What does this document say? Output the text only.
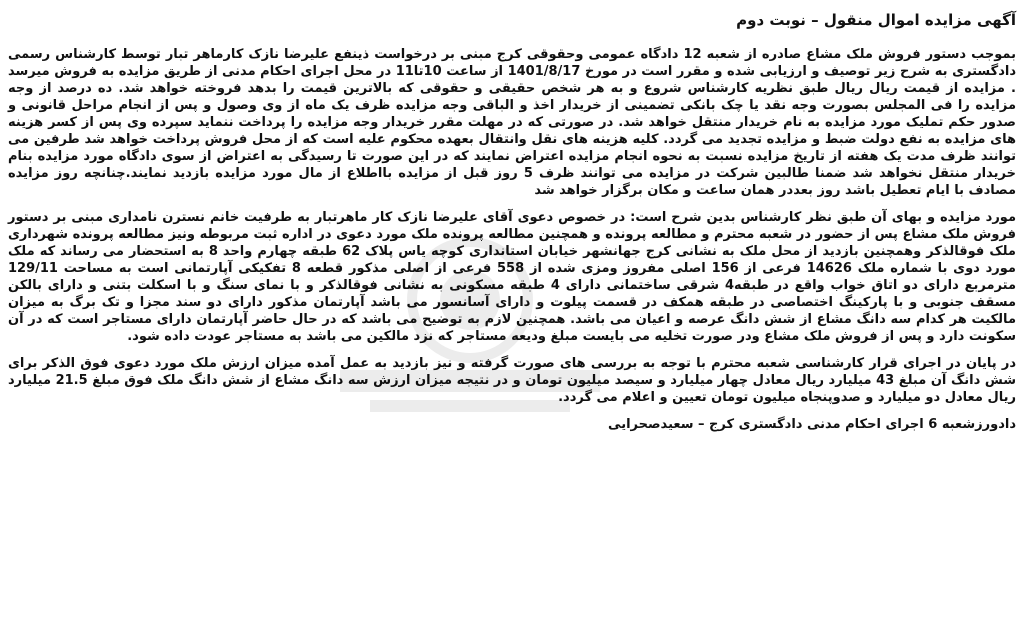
آگهی مزایده اموال منقول – نوبت دوم

بموجب دستور فروش ملک مشاع صادره از شعبه 12 دادگاه عمومی وحقوقی کرج مبنی بر درخواست ذینفع علیرضا نازک کارماهر تبار توسط کارشناس رسمی دادگستری به شرح زیر توصیف و ارزیابی شده و مقرر است در مورخ 1401/8/17 از ساعت 10تا11 در محل اجرای احکام مدنی از طریق مزایده به فروش میرسد . مزایده از قیمت ریال ریال طبق نظریه کارشناس شروع و به هر شخص حقیقی و حقوقی که بالاترین قیمت را بدهد فروخته خواهد شد. ده درصد از وجه مزایده را فی المجلس بصورت وجه نقد یا چک بانکی تضمینی از خریدار اخذ و الباقی وجه مزایده ظرف یک ماه از وی وصول و پس از انجام مراحل قانونی و صدور حکم تملیک مورد مزایده به نام خریدار منتقل خواهد شد. در صورتی که در مهلت مقرر خریدار وجه مزایده را پرداخت ننماید سپرده وی پس از کسر هزینه های مزایده به نفع دولت ضبط و مزایده تجدید می گردد. کلیه هزینه های نقل وانتقال بعهده محکوم علیه است که از محل فروش پرداخت خواهد شد طرفین می توانند ظرف مدت یک هفته از تاریخ مزایده نسبت به نحوه انجام مزایده اعتراض نمایند که در این صورت تا رسیدگی به اعتراض از سوی دادگاه مورد مزایده بنام خریدار منتقل نخواهد شد ضمنا طالبین شرکت در مزایده می توانند ظرف 5 روز قبل از مزایده بااطلاع از مال مورد مزایده بازدید نمایند.چنانچه روز مزایده مصادف با ایام تعطیل باشد روز بعددر همان ساعت و مکان برگزار خواهد شد

مورد مزایده و بهای آن طبق نظر کارشناس بدین شرح است: در خصوص دعوی آقای علیرضا نازک کار ماهرتبار به طرفیت خانم نسترن نامداری مبنی بر دستور فروش ملک مشاع پس از حضور در شعبه محترم و مطالعه پرونده و همچنین مطالعه پرونده ملک مورد دعوی در اداره ثبت مربوطه ونیز مطالعه پرونده شهرداری ملک فوقالذکر وهمچنین بازدید از محل ملک به نشانی کرج جهانشهر خیابان استانداری کوچه یاس پلاک 62 طبقه چهارم واحد 8 به استحضار می رساند که ملک مورد دوی با شماره ملک 14626 فرعی از 156 اصلی مفروز ومزی شده از 558 فرعی از اصلی مذکور قطعه 8 تفکیکی آپارتمانی است به مساحت 129/11 مترمربع دارای دو اتاق خواب واقع در طبقه4 شرقی ساختمانی دارای 4 طبقه مسکونی به نشانی فوقالذکر و با نمای سنگ و با اسکلت بتنی و دارای بالکن مسقف جنوبی و با پارکینگ اختصاصی در طبقه همکف در قسمت پیلوت و دارای آسانسور می باشد آپارتمان مذکور دارای دو سند مجزا و تک برگ به میزان مالکیت هر کدام سه دانگ مشاع از شش دانگ عرصه و اعیان می باشد. همچنین لازم به توضیح می باشد که در حال حاضر آپارتمان دارای مستاجر است که در آن سکونت دارد و پس از فروش ملک مشاع ودر صورت تخلیه می بایست مبلغ ودیعه مستاجر که نزد مالکین می باشد به مستاجر عودت داده شود.

در پایان در اجرای قرار کارشناسی شعبه محترم با توجه به بررسی های صورت گرفته و نیز بازدید به عمل آمده میزان ارزش ملک مورد دعوی فوق الذکر برای شش دانگ آن مبلغ 43 میلیارد ریال معادل چهار میلیارد و سیصد میلیون تومان و در نتیجه میزان ارزش سه دانگ مشاع از شش دانگ ملک فوق مبلغ 21.5 میلیارد ریال معادل دو میلیارد و صدوپنجاه میلیون تومان تعیین و اعلام می گردد.

دادورزشعبه 6 اجرای احکام مدنی دادگستری کرج – سعیدصحرایی
